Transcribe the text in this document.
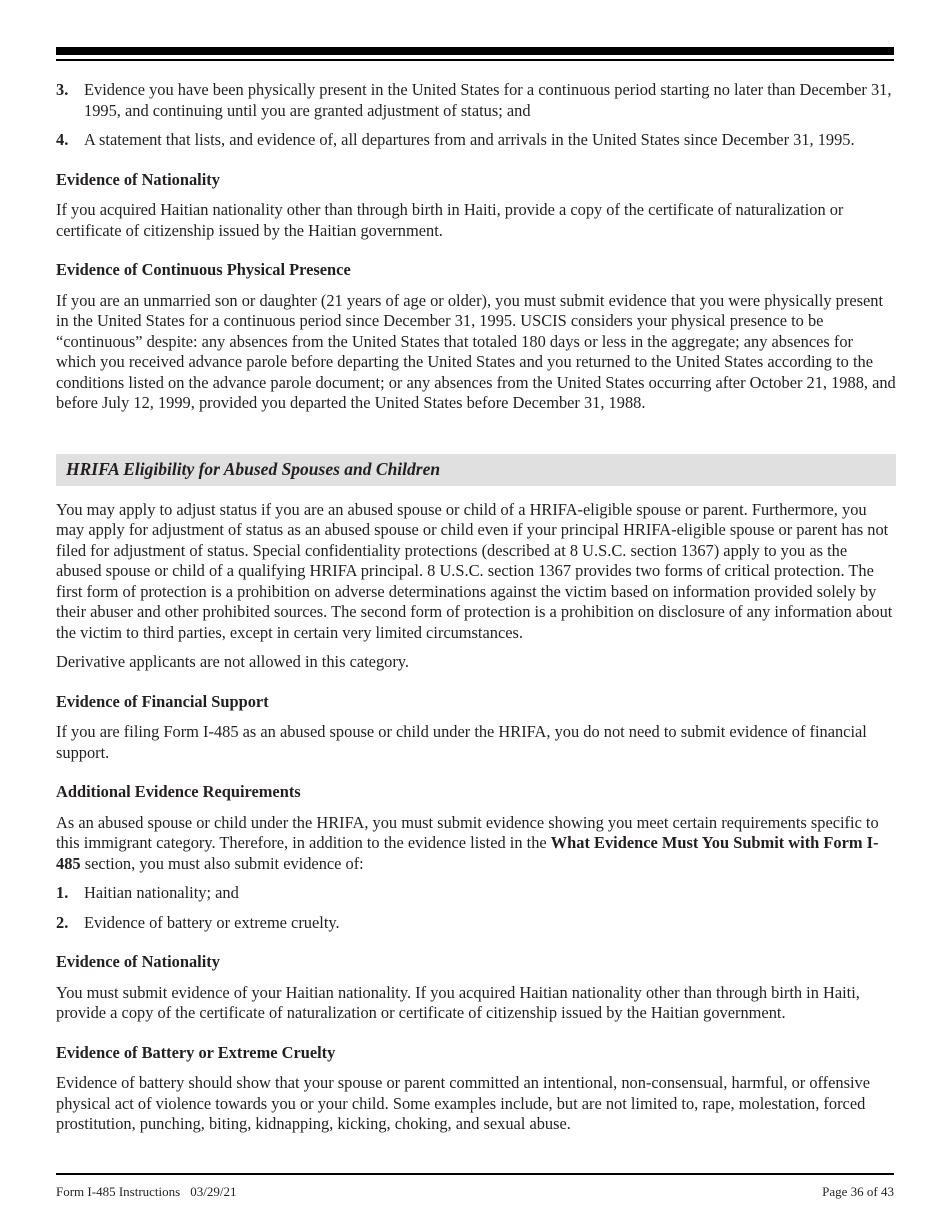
3. Evidence you have been physically present in the United States for a continuous period starting no later than December 31, 1995, and continuing until you are granted adjustment of status; and
4. A statement that lists, and evidence of, all departures from and arrivals in the United States since December 31, 1995.
Evidence of Nationality
If you acquired Haitian nationality other than through birth in Haiti, provide a copy of the certificate of naturalization or certificate of citizenship issued by the Haitian government.
Evidence of Continuous Physical Presence
If you are an unmarried son or daughter (21 years of age or older), you must submit evidence that you were physically present in the United States for a continuous period since December 31, 1995. USCIS considers your physical presence to be “continuous” despite: any absences from the United States that totaled 180 days or less in the aggregate; any absences for which you received advance parole before departing the United States and you returned to the United States according to the conditions listed on the advance parole document; or any absences from the United States occurring after October 21, 1988, and before July 12, 1999, provided you departed the United States before December 31, 1988.
HRIFA Eligibility for Abused Spouses and Children
You may apply to adjust status if you are an abused spouse or child of a HRIFA-eligible spouse or parent. Furthermore, you may apply for adjustment of status as an abused spouse or child even if your principal HRIFA-eligible spouse or parent has not filed for adjustment of status. Special confidentiality protections (described at 8 U.S.C. section 1367) apply to you as the abused spouse or child of a qualifying HRIFA principal. 8 U.S.C. section 1367 provides two forms of critical protection. The first form of protection is a prohibition on adverse determinations against the victim based on information provided solely by their abuser and other prohibited sources. The second form of protection is a prohibition on disclosure of any information about the victim to third parties, except in certain very limited circumstances.
Derivative applicants are not allowed in this category.
Evidence of Financial Support
If you are filing Form I-485 as an abused spouse or child under the HRIFA, you do not need to submit evidence of financial support.
Additional Evidence Requirements
As an abused spouse or child under the HRIFA, you must submit evidence showing you meet certain requirements specific to this immigrant category. Therefore, in addition to the evidence listed in the What Evidence Must You Submit with Form I-485 section, you must also submit evidence of:
1. Haitian nationality; and
2. Evidence of battery or extreme cruelty.
Evidence of Nationality
You must submit evidence of your Haitian nationality. If you acquired Haitian nationality other than through birth in Haiti, provide a copy of the certificate of naturalization or certificate of citizenship issued by the Haitian government.
Evidence of Battery or Extreme Cruelty
Evidence of battery should show that your spouse or parent committed an intentional, non-consensual, harmful, or offensive physical act of violence towards you or your child. Some examples include, but are not limited to, rape, molestation, forced prostitution, punching, biting, kidnapping, kicking, choking, and sexual abuse.
Form I-485 Instructions 03/29/21	Page 36 of 43
